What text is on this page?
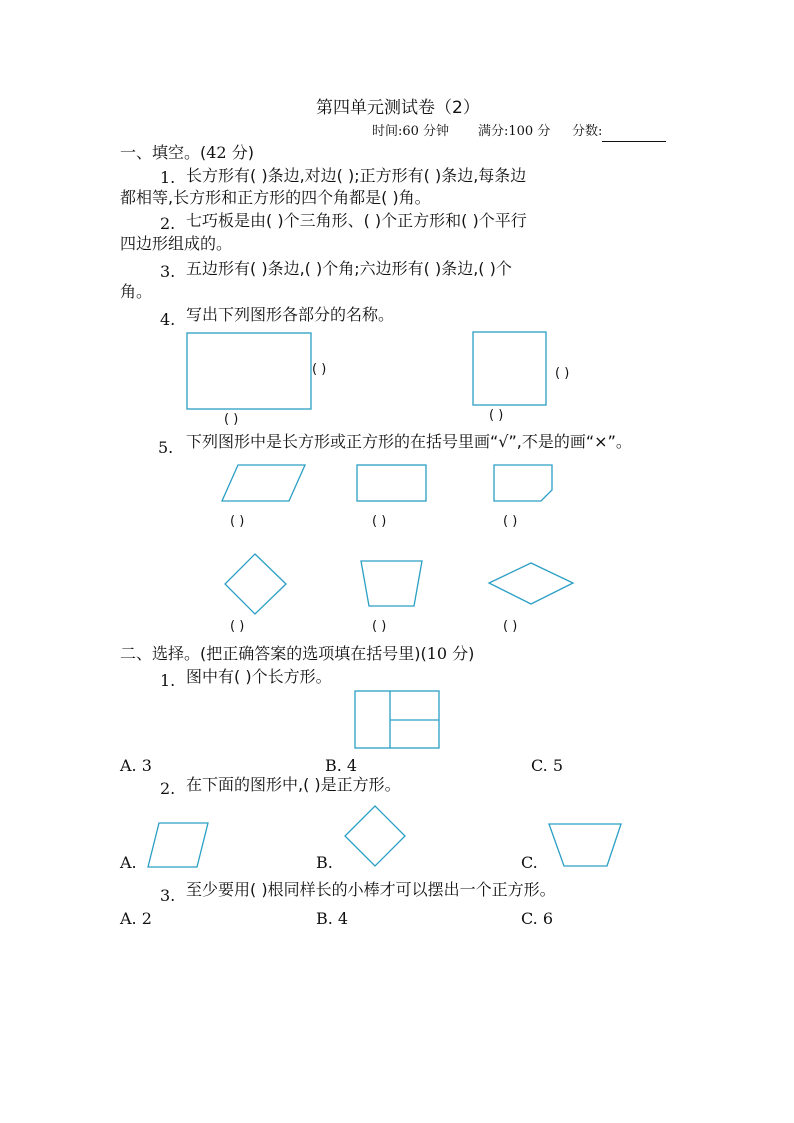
第四单元测试卷（2）
时间:60 分钟 满分:100 分 分数:
一、填空。(42 分)
1. 长方形有( )条边,对边( );正方形有( )条边,每条边
都相等,长方形和正方形的四个角都是( )角。
2. 七巧板是由( )个三角形、( )个正方形和( )个平行
四边形组成的。
3. 五边形有( )条边,( )个角;六边形有( )条边,( )个
角。
4. 写出下列图形各部分的名称。
( )
( )
( )
( )
5. 下列图形中是长方形或正方形的在括号里画“√”,不是的画“×”。
( )	( )	( )
( )	( )	( )
二、选择。(把正确答案的选项填在括号里)(10 分)
1. 图中有( )个长方形。
A. 3	B. 4	C. 5
2. 在下面的图形中,( )是正方形。
A.	B.	C.
3. 至少要用( )根同样长的小棒才可以摆出一个正方形。
A. 2	B. 4	C. 6
